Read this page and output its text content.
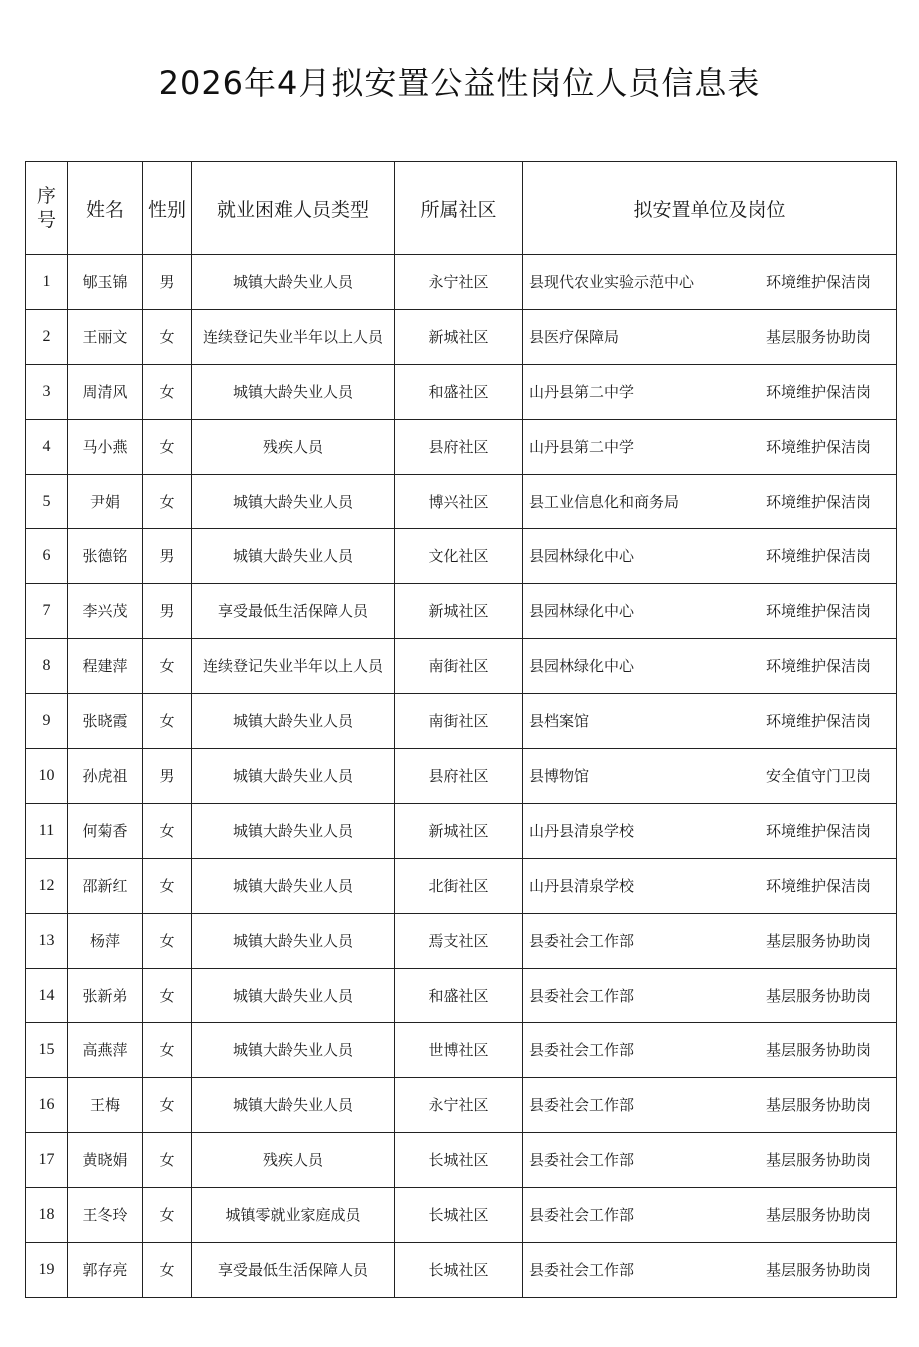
2026年4月拟安置公益性岗位人员信息表
序号	姓名	性别	就业困难人员类型	所属社区	拟安置单位及岗位
1	郇玉锦	男	城镇大龄失业人员	永宁社区	县现代农业实验示范中心 环境维护保洁岗

2	王丽文	女	连续登记失业半年以上人员	新城社区	县医疗保障局 基层服务协助岗

3	周清风	女	城镇大龄失业人员	和盛社区	山丹县第二中学 环境维护保洁岗

4	马小燕	女	残疾人员	县府社区	山丹县第二中学 环境维护保洁岗

5	尹娟	女	城镇大龄失业人员	博兴社区	县工业信息化和商务局 环境维护保洁岗

6	张德铭	男	城镇大龄失业人员	文化社区	县园林绿化中心 环境维护保洁岗

7	李兴茂	男	享受最低生活保障人员	新城社区	县园林绿化中心 环境维护保洁岗

8	程建萍	女	连续登记失业半年以上人员	南街社区	县园林绿化中心 环境维护保洁岗

9	张晓霞	女	城镇大龄失业人员	南街社区	县档案馆 环境维护保洁岗

10	孙虎祖	男	城镇大龄失业人员	县府社区	县博物馆 安全值守门卫岗

11	何菊香	女	城镇大龄失业人员	新城社区	山丹县清泉学校 环境维护保洁岗

12	邵新红	女	城镇大龄失业人员	北街社区	山丹县清泉学校 环境维护保洁岗

13	杨萍	女	城镇大龄失业人员	焉支社区	县委社会工作部 基层服务协助岗

14	张新弟	女	城镇大龄失业人员	和盛社区	县委社会工作部 基层服务协助岗

15	高燕萍	女	城镇大龄失业人员	世博社区	县委社会工作部 基层服务协助岗

16	王梅	女	城镇大龄失业人员	永宁社区	县委社会工作部 基层服务协助岗

17	黄晓娟	女	残疾人员	长城社区	县委社会工作部 基层服务协助岗

18	王冬玲	女	城镇零就业家庭成员	长城社区	县委社会工作部 基层服务协助岗

19	郭存亮	女	享受最低生活保障人员	长城社区	县委社会工作部 基层服务协助岗
